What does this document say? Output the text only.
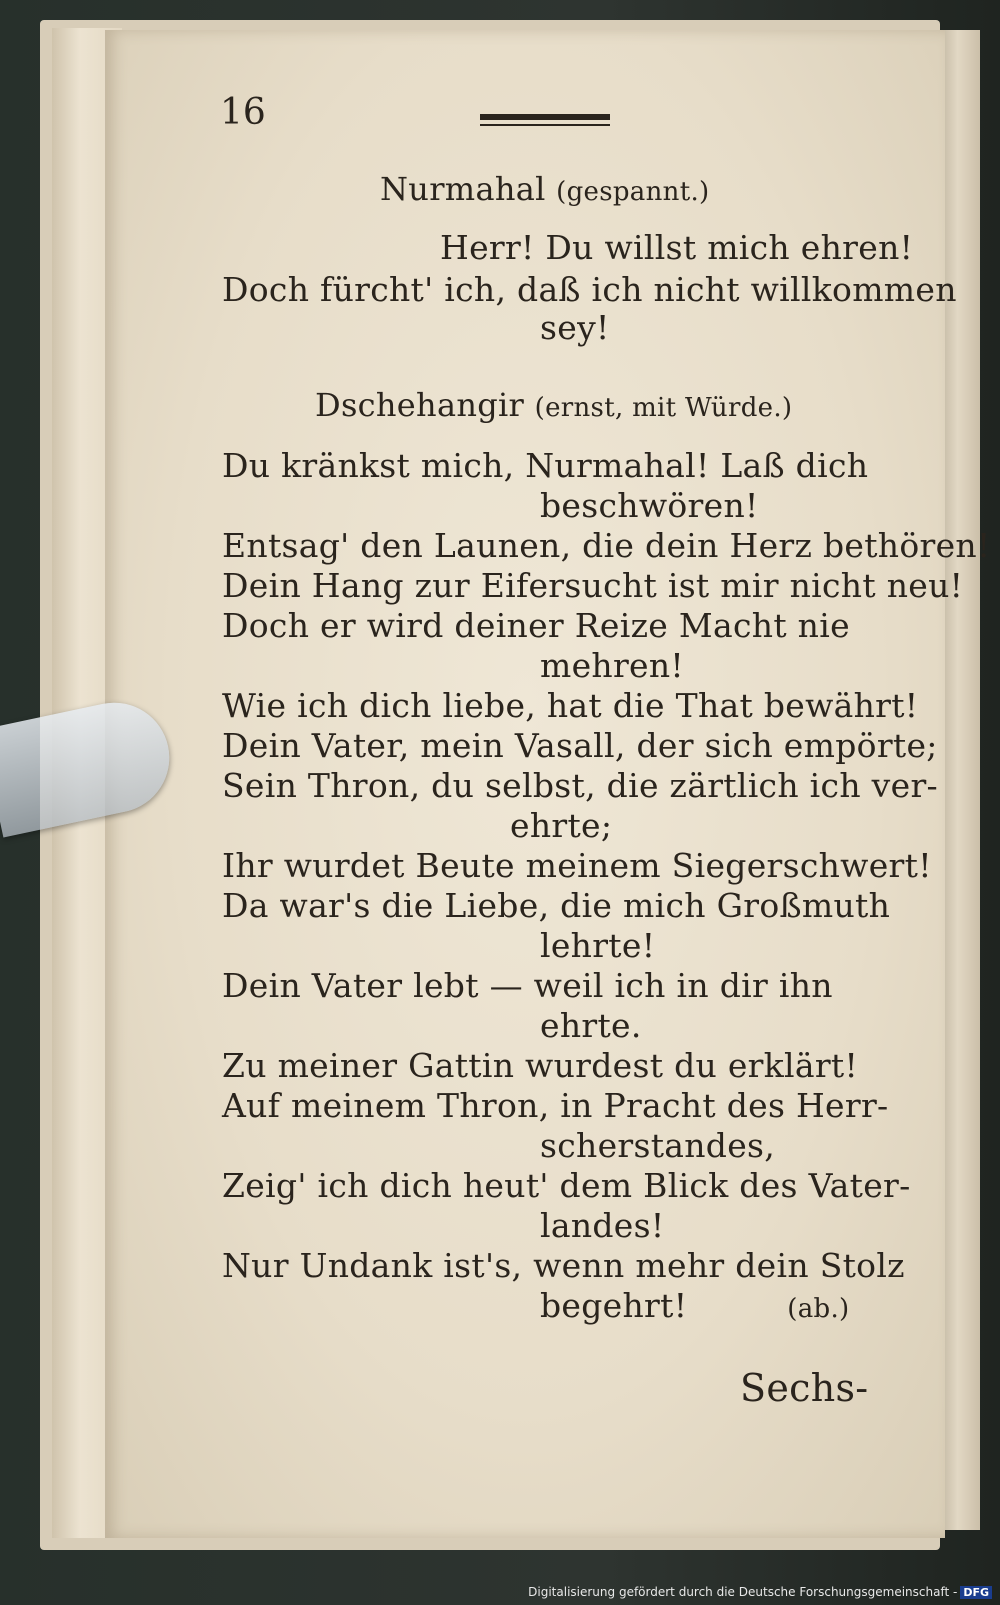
16
Nurmahal (gespannt.)
Herr! Du willst mich ehren!
Doch fürcht' ich, daß ich nicht willkommen
sey!
Dschehangir (ernst, mit Würde.)
Du kränkst mich, Nurmahal! Laß dich
beschwören!
Entsag' den Launen, die dein Herz bethören!
Dein Hang zur Eifersucht ist mir nicht neu!
Doch er wird deiner Reize Macht nie
mehren!
Wie ich dich liebe, hat die That bewährt!
Dein Vater, mein Vasall, der sich empörte;
Sein Thron, du selbst, die zärtlich ich ver-
ehrte;
Ihr wurdet Beute meinem Siegerschwert!
Da war's die Liebe, die mich Großmuth
lehrte!
Dein Vater lebt — weil ich in dir ihn
ehrte.
Zu meiner Gattin wurdest du erklärt!
Auf meinem Thron, in Pracht des Herr-
scherstandes,
Zeig' ich dich heut' dem Blick des Vater-
landes!
Nur Undank ist's, wenn mehr dein Stolz
begehrt!	(ab.)
Sechs-
Digitalisierung gefördert durch die Deutsche Forschungsgemeinschaft - DFG
